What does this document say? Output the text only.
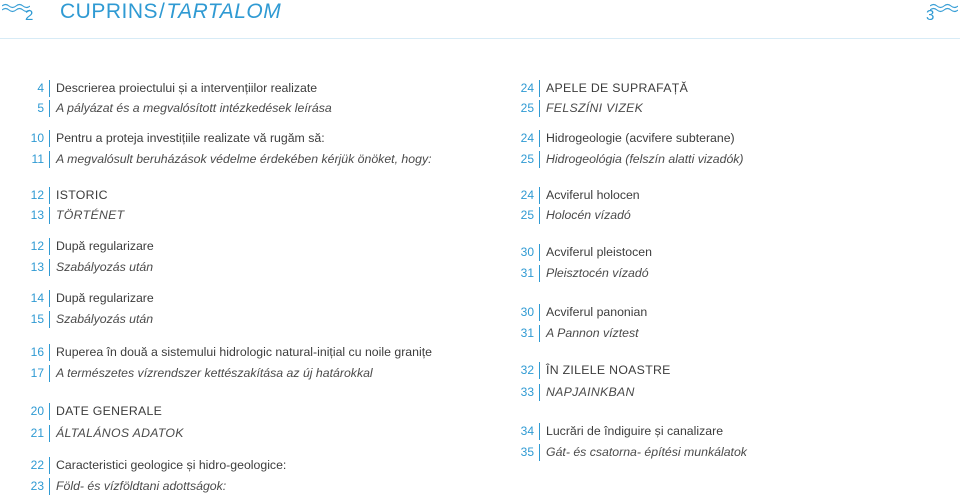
2	3
CUPRINS/TARTALOM
4 Descrierea proiectului și a intervențiilor realizate
5 A pályázat és a megvalósított intézkedések leírása
10 Pentru a proteja investițiile realizate vă rugăm să:
11 A megvalósult beruházások védelme érdekében kérjük önöket, hogy:
12 ISTORIC
13 TÖRTÉNET
12 După regularizare
13 Szabályozás után
14 După regularizare
15 Szabályozás után
16 Ruperea în două a sistemului hidrologic natural-inițial cu noile granițe
17 A természetes vízrendszer kettészakítása az új határokkal
20 DATE GENERALE
21 ÁLTALÁNOS ADATOK
22 Caracteristici geologice și hidro-geologice:
23 Föld- és vízföldtani adottságok:
24 APELE DE SUPRAFAȚĂ
25 FELSZÍNI VIZEK
24 Hidrogeologie (acvifere subterane)
25 Hidrogeológia (felszín alatti vizadók)
24 Acviferul holocen
25 Holocén vízadó
30 Acviferul pleistocen
31 Pleisztocén vízadó
30 Acviferul panonian
31 A Pannon víztest
32 ÎN ZILELE NOASTRE
33 NAPJAINKBAN
34 Lucrări de îndiguire și canalizare
35 Gát- és csatorna- építési munkálatok
